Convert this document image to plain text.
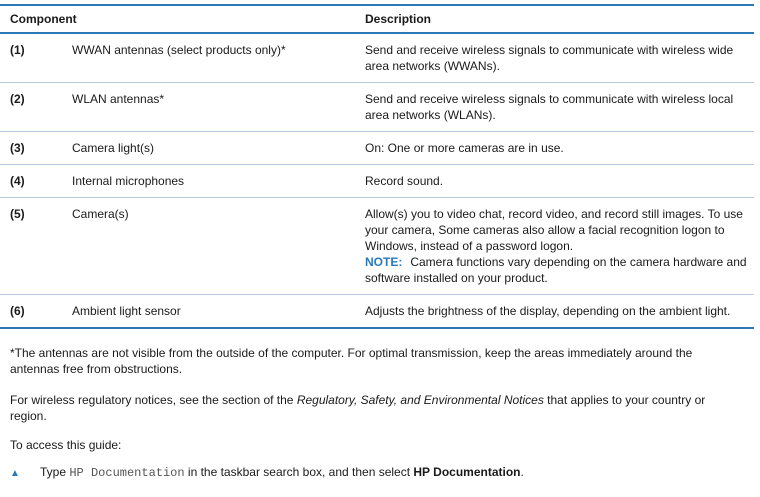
Component		Description
(1)	WWAN antennas (select products only)*	Send and receive wireless signals to communicate with wireless wide area networks (WWANs).
(2)	WLAN antennas*	Send and receive wireless signals to communicate with wireless local area networks (WLANs).
(3)	Camera light(s)	On: One or more cameras are in use.
(4)	Internal microphones	Record sound.
(5)	Camera(s)	Allow(s) you to video chat, record video, and record still images. To use your camera, Some cameras also allow a facial recognition logon to Windows, instead of a password logon.
NOTE: Camera functions vary depending on the camera hardware and software installed on your product.

(6)	Ambient light sensor	Adjusts the brightness of the display, depending on the ambient light.
*The antennas are not visible from the outside of the computer. For optimal transmission, keep the areas immediately around the antennas free from obstructions.
For wireless regulatory notices, see the section of the Regulatory, Safety, and Environmental Notices that applies to your country or region.
To access this guide:
▲ Type HP Documentation in the taskbar search box, and then select HP Documentation.
